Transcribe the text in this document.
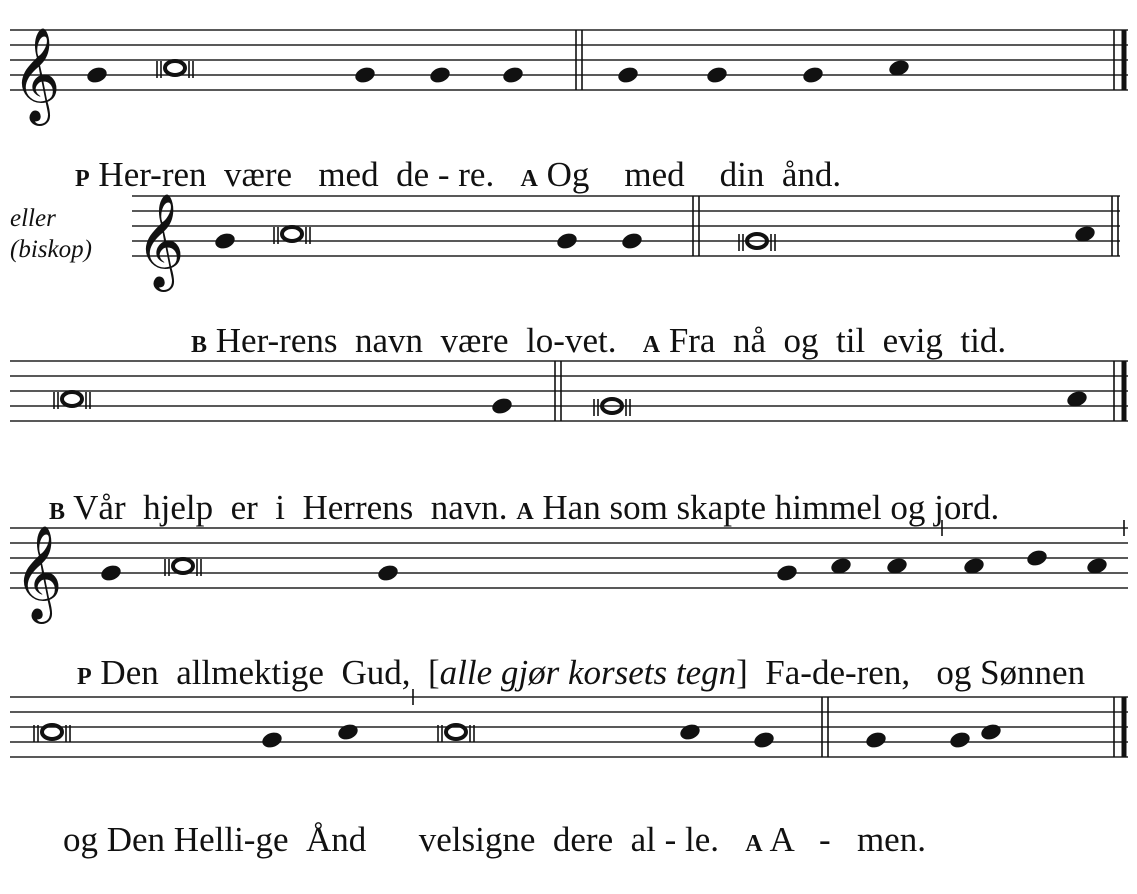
𝄞
𝄞
𝄞
eller
(biskop)

P Her-ren  være   med  de - re. A Og    med    din  ånd.

B Her-rens  navn  være  lo-vet. A Fra  nå  og  til  evig  tid.

B Vår  hjelp  er  i  Herrens  navn. A Han som skapte himmel og jord.

P Den  allmektige  Gud,  [alle gjør korsets tegn]  Fa-de-ren,   og Sønnen

og Den Helli-ge  Ånd      velsigne  dere  al - le. A A   -   men.
